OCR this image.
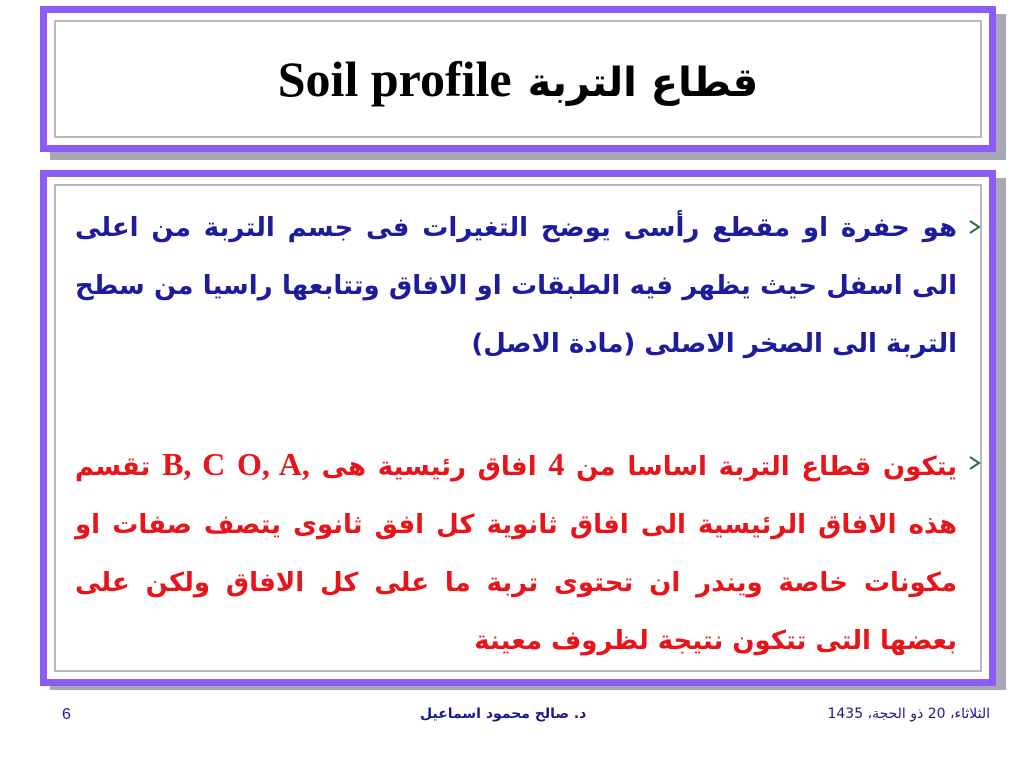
Soil profile قطاع التربة
هو حفرة او مقطع رأسى يوضح التغيرات فى جسم التربة من اعلى الى اسفل حيث يظهر فيه الطبقات او الافاق وتتابعها راسيا من سطح التربة الى الصخر الاصلى (مادة الاصل)
يتكون قطاع التربة اساسا من 4 افاق رئيسية هى O, A, B, C تقسم هذه الافاق الرئيسية الى افاق ثانوية كل افق ثانوى يتصف صفات او مكونات خاصة ويندر ان تحتوى تربة ما على كل الافاق ولكن على بعضها التى تتكون نتيجة لظروف معينة
الثلاثاء، 20 ذو الحجة، 1435
د. صالح محمود اسماعيل
6
